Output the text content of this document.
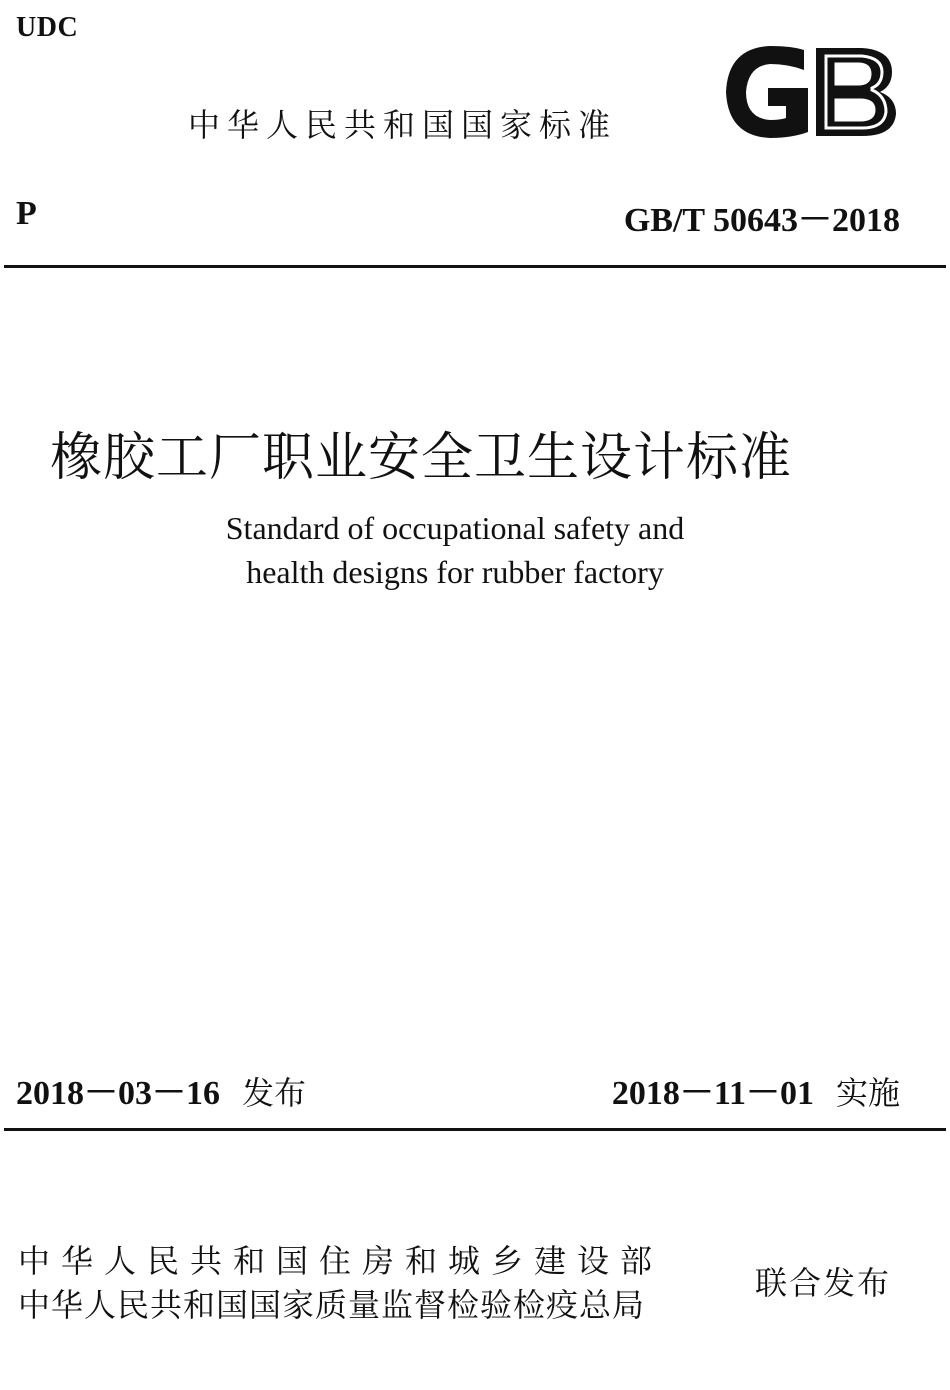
UDC
中华人民共和国国家标准
P	GB/T 50643－2018
橡胶工厂职业安全卫生设计标准
Standard of occupational safety and
health designs for rubber factory
2018－03－16 发布	2018－11－01 实施
中华人民共和国住房和城乡建设部
中华人民共和国国家质量监督检验检疫总局
联合发布
